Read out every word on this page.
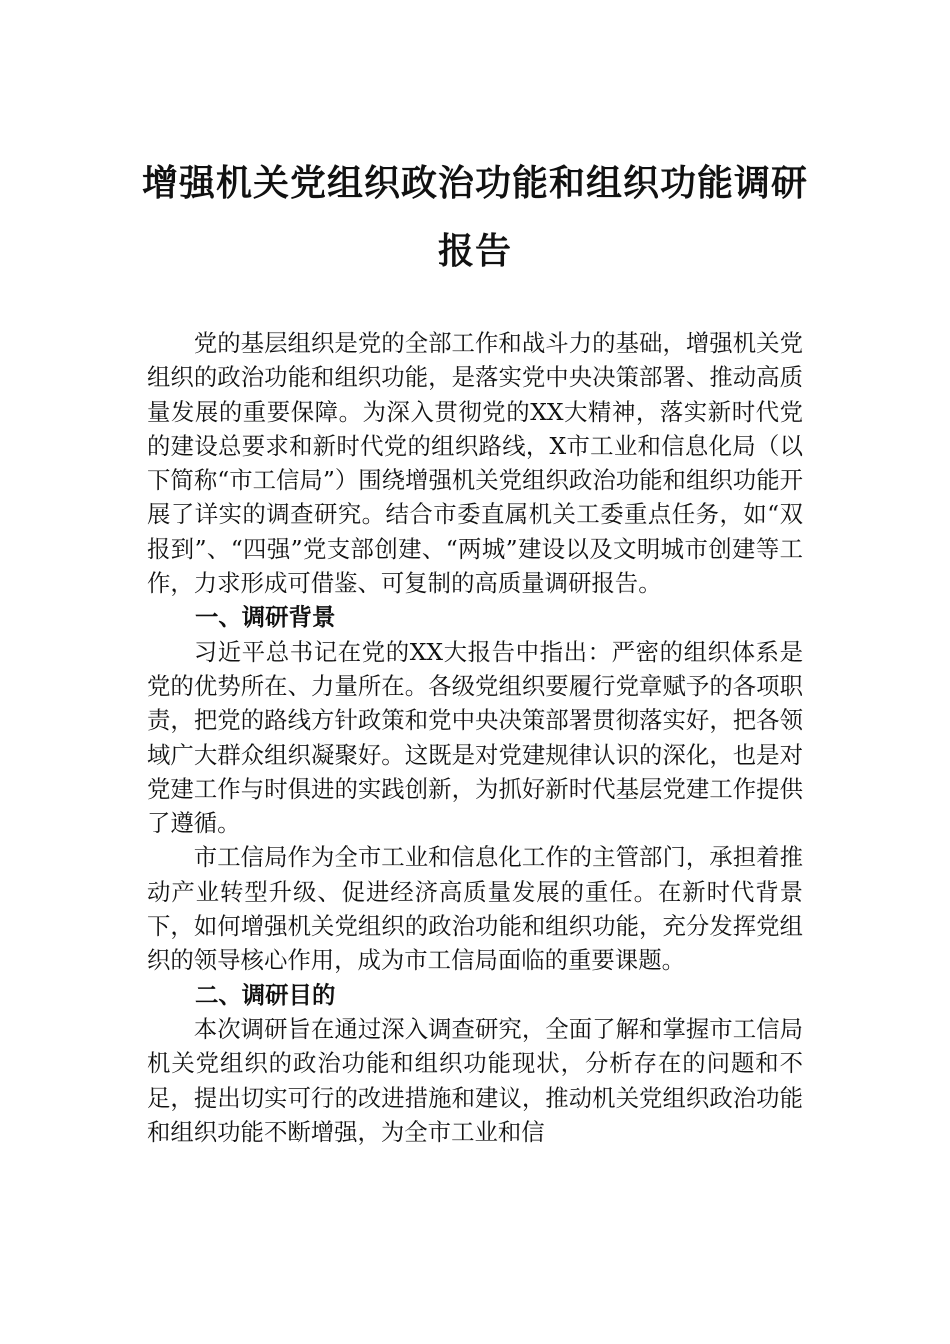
增强机关党组织政治功能和组织功能调研
报告

党的基层组织是党的全部工作和战斗力的基础，增强机关党组织的政治功能和组织功能，是落实党中央决策部署、推动高质量发展的重要保障。为深入贯彻党的XX大精神，落实新时代党的建设总要求和新时代党的组织路线，X市工业和信息化局（以下简称“市工信局”）围绕增强机关党组织政治功能和组织功能开展了详实的调查研究。结合市委直属机关工委重点任务，如“双报到”、“四强”党支部创建、“两城”建设以及文明城市创建等工作，力求形成可借鉴、可复制的高质量调研报告。

一、调研背景

习近平总书记在党的XX大报告中指出：严密的组织体系是党的优势所在、力量所在。各级党组织要履行党章赋予的各项职责，把党的路线方针政策和党中央决策部署贯彻落实好，把各领域广大群众组织凝聚好。这既是对党建规律认识的深化，也是对党建工作与时俱进的实践创新，为抓好新时代基层党建工作提供了遵循。

市工信局作为全市工业和信息化工作的主管部门，承担着推动产业转型升级、促进经济高质量发展的重任。在新时代背景下，如何增强机关党组织的政治功能和组织功能，充分发挥党组织的领导核心作用，成为市工信局面临的重要课题。

二、调研目的

本次调研旨在通过深入调查研究，全面了解和掌握市工信局机关党组织的政治功能和组织功能现状，分析存在的问题和不足，提出切实可行的改进措施和建议，推动机关党组织政治功能和组织功能不断增强，为全市工业和信
